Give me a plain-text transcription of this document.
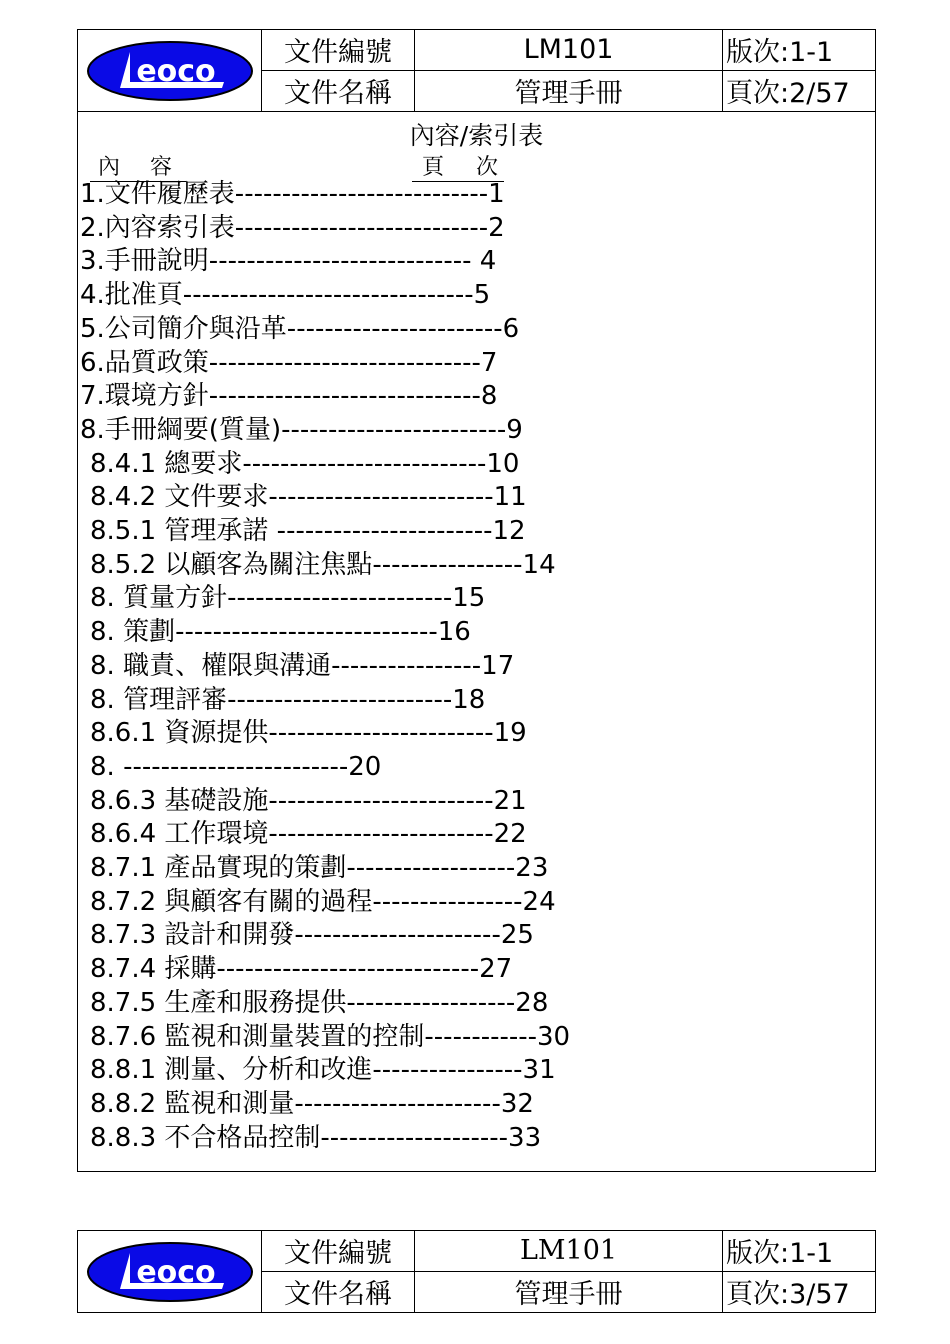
eoco
文件編號	LM101	版次:1-1
文件名稱	管理手冊	頁次:2/57
內容/索引表
內 容	頁 次
1.文件履歷表---------------------------1
2.內容索引表---------------------------2
3.手冊說明---------------------------- 4
4.批准頁-------------------------------5
5.公司簡介與沿革-----------------------6
6.品質政策-----------------------------7
7.環境方針-----------------------------8
8.手冊綱要(質量)------------------------9
8.4.1 總要求--------------------------10
8.4.2 文件要求------------------------11
8.5.1 管理承諾 -----------------------12
8.5.2 以顧客為關注焦點----------------14
8. 質量方針------------------------15
8. 策劃----------------------------16
8. 職責、權限與溝通----------------17
8. 管理評審------------------------18
8.6.1 資源提供------------------------19
8. ------------------------20
8.6.3 基礎設施------------------------21
8.6.4 工作環境------------------------22
8.7.1 產品實現的策劃------------------23
8.7.2 與顧客有關的過程----------------24
8.7.3 設計和開發----------------------25
8.7.4 採購----------------------------27
8.7.5 生產和服務提供------------------28
8.7.6 監視和測量裝置的控制------------30
8.8.1 測量、分析和改進----------------31
8.8.2 監視和測量----------------------32
8.8.3 不合格品控制--------------------33
eoco
文件編號	LM101	版次:1-1
文件名稱	管理手冊	頁次:3/57
